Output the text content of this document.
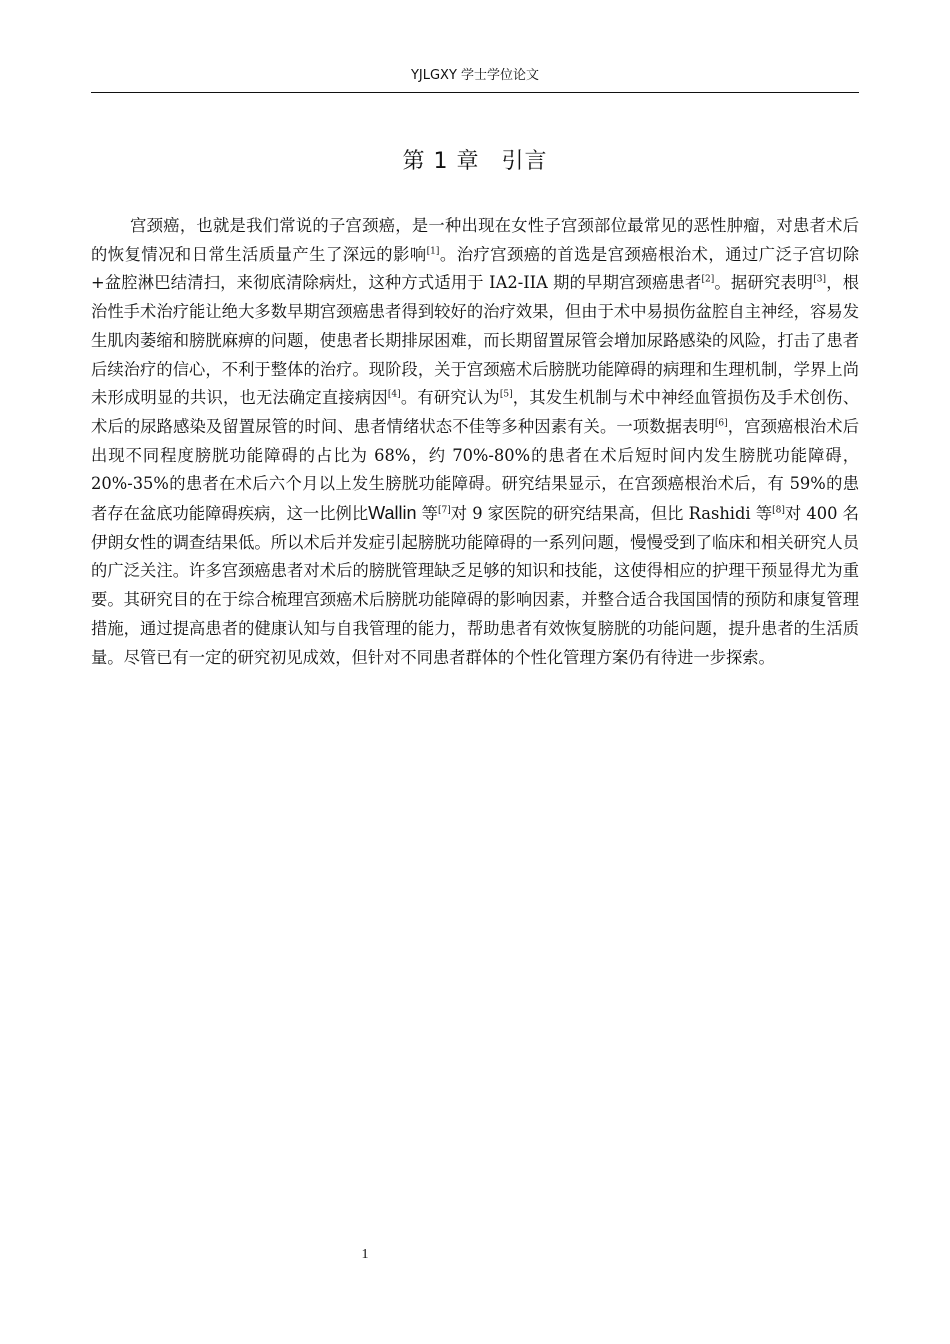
YJLGXY 学士学位论文
第 1 章 引言

宫颈癌，也就是我们常说的子宫颈癌，是一种出现在女性子宫颈部位最常见的恶性肿瘤，对患者术后的恢复情况和日常生活质量产生了深远的影响[1]。治疗宫颈癌的首选是宫颈癌根治术，通过广泛子宫切除+盆腔淋巴结清扫，来彻底清除病灶，这种方式适用于 IA2-IIA 期的早期宫颈癌患者[2]。据研究表明[3]，根治性手术治疗能让绝大多数早期宫颈癌患者得到较好的治疗效果，但由于术中易损伤盆腔自主神经，容易发生肌肉萎缩和膀胱麻痹的问题，使患者长期排尿困难，而长期留置尿管会增加尿路感染的风险，打击了患者后续治疗的信心，不利于整体的治疗。现阶段，关于宫颈癌术后膀胱功能障碍的病理和生理机制，学界上尚未形成明显的共识，也无法确定直接病因[4]。有研究认为[5]，其发生机制与术中神经血管损伤及手术创伤、术后的尿路感染及留置尿管的时间、患者情绪状态不佳等多种因素有关。一项数据表明[6]，宫颈癌根治术后出现不同程度膀胱功能障碍的占比为 68%，约 70%-80%的患者在术后短时间内发生膀胱功能障碍，20%-35%的患者在术后六个月以上发生膀胱功能障碍。研究结果显示，在宫颈癌根治术后，有 59%的患者存在盆底功能障碍疾病，这一比例比Wallin 等[7]对 9 家医院的研究结果高，但比 Rashidi 等[8]对 400 名伊朗女性的调查结果低。所以术后并发症引起膀胱功能障碍的一系列问题，慢慢受到了临床和相关研究人员的广泛关注。许多宫颈癌患者对术后的膀胱管理缺乏足够的知识和技能，这使得相应的护理干预显得尤为重要。其研究目的在于综合梳理宫颈癌术后膀胱功能障碍的影响因素，并整合适合我国国情的预防和康复管理措施，通过提高患者的健康认知与自我管理的能力，帮助患者有效恢复膀胱的功能问题，提升患者的生活质量。尽管已有一定的研究初见成效，但针对不同患者群体的个性化管理方案仍有待进一步探索。

1
